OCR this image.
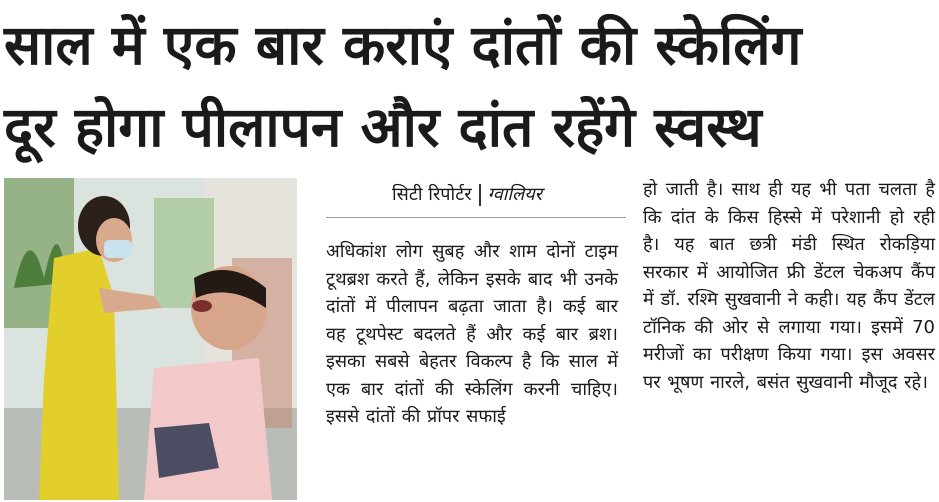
साल में एक बार कराएं दांतों की स्केलिंग
दूर होगा पीलापन और दांत रहेंगे स्वस्थ
सिटी रिपोर्टर ग्वालियर

अधिकांश लोग सुबह और शाम दोनों टाइम टूथब्रश करते हैं, लेकिन इसके बाद भी उनके दांतों में पीलापन बढ़ता जाता है। कई बार वह टूथपेस्ट बदलते हैं और कई बार ब्रश। इसका सबसे बेहतर विकल्प है कि साल में एक बार दांतों की स्केलिंग करनी चाहिए। इससे दांतों की प्रॉपर सफाई

हो जाती है। साथ ही यह भी पता चलता है कि दांत के किस हिस्से में परेशानी हो रही है। यह बात छत्री मंडी स्थित रोकड़िया सरकार में आयोजित फ्री डेंटल चेकअप कैंप में डॉ. रश्मि सुखवानी ने कही। यह कैंप डेंटल टॉनिक की ओर से लगाया गया। इसमें 70 मरीजों का परीक्षण किया गया। इस अवसर पर भूषण नारले, बसंत सुखवानी मौजूद रहे।
